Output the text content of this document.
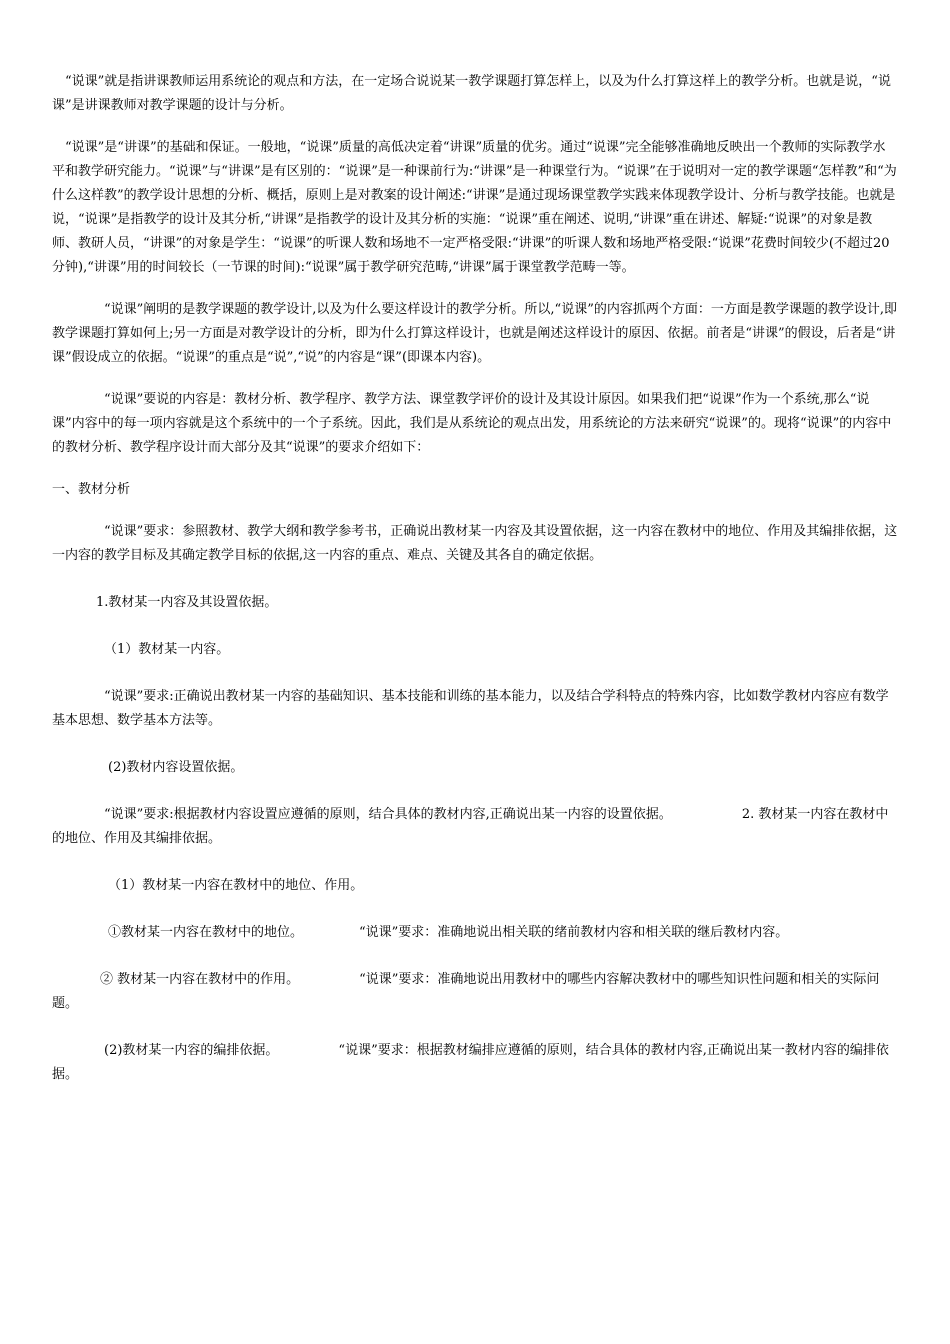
“说课”就是指讲课教师运用系统论的观点和方法，在一定场合说说某一教学课题打算怎样上，以及为什么打算这样上的教学分析。也就是说，“说课”是讲课教师对教学课题的设计与分析。

“说课”是“讲课”的基础和保证。一般地，“说课”质量的高低决定着“讲课”质量的优劣。通过“说课”完全能够准确地反映出一个教师的实际教学水平和教学研究能力。“说课”与“讲课”是有区别的：“说课”是一种课前行为:“讲课”是一种课堂行为。“说课”在于说明对一定的教学课题“怎样教”和“为什么这样教”的教学设计思想的分析、概括，原则上是对教案的设计阐述:“讲课”是通过现场课堂教学实践来体现教学设计、分析与教学技能。也就是说，“说课”是指教学的设计及其分析,“讲课”是指教学的设计及其分析的实施：“说课”重在阐述、说明,“讲课”重在讲述、解疑:“说课”的对象是教师、教研人员，“讲课”的对象是学生：“说课”的听课人数和场地不一定严格受限:“讲课”的听课人数和场地严格受限:“说课”花费时间较少(不超过20分钟),“讲课”用的时间较长（一节课的时间):“说课”属于教学研究范畴,“讲课”属于课堂教学范畴一等。

“说课”阐明的是教学课题的教学设计,以及为什么要这样设计的教学分析。所以,“说课”的内容抓两个方面：一方面是教学课题的教学设计,即教学课题打算如何上;另一方面是对教学设计的分析，即为什么打算这样设计，也就是阐述这样设计的原因、依据。前者是“讲课”的假设，后者是“讲课”假设成立的依据。“说课”的重点是“说”,“说”的内容是“课”(即课本内容)。

“说课”要说的内容是：教材分析、教学程序、教学方法、课堂教学评价的设计及其设计原因。如果我们把“说课”作为一个系统,那么“说课”内容中的每一项内容就是这个系统中的一个子系统。因此，我们是从系统论的观点出发，用系统论的方法来研究“说课”的。现将“说课”的内容中的教材分析、教学程序设计而大部分及其“说课”的要求介绍如下：

一、教材分析

“说课”要求：参照教材、教学大纲和教学参考书，正确说出教材某一内容及其设置依据，这一内容在教材中的地位、作用及其编排依据，这一内容的教学目标及其确定教学目标的依据,这一内容的重点、难点、关键及其各自的确定依据。

1.教材某一内容及其设置依据。

（1）教材某一内容。

“说课”要求:正确说出教材某一内容的基础知识、基本技能和训练的基本能力，以及结合学科特点的特殊内容，比如数学教材内容应有数学基本思想、数学基本方法等。

(2)教材内容设置依据。

“说课”要求:根据教材内容设置应遵循的原则，结合具体的教材内容,正确说出某一内容的设置依据。	2. 教材某一内容在教材中的地位、作用及其编排依据。

（1）教材某一内容在教材中的地位、作用。

①教材某一内容在教材中的地位。	“说课”要求：准确地说出相关联的绪前教材内容和相关联的继后教材内容。

② 教材某一内容在教材中的作用。	“说课”要求：准确地说出用教材中的哪些内容解决教材中的哪些知识性问题和相关的实际问题。

(2)教材某一内容的编排依据。	“说课”要求：根据教材编排应遵循的原则，结合具体的教材内容,正确说出某一教材内容的编排依据。
